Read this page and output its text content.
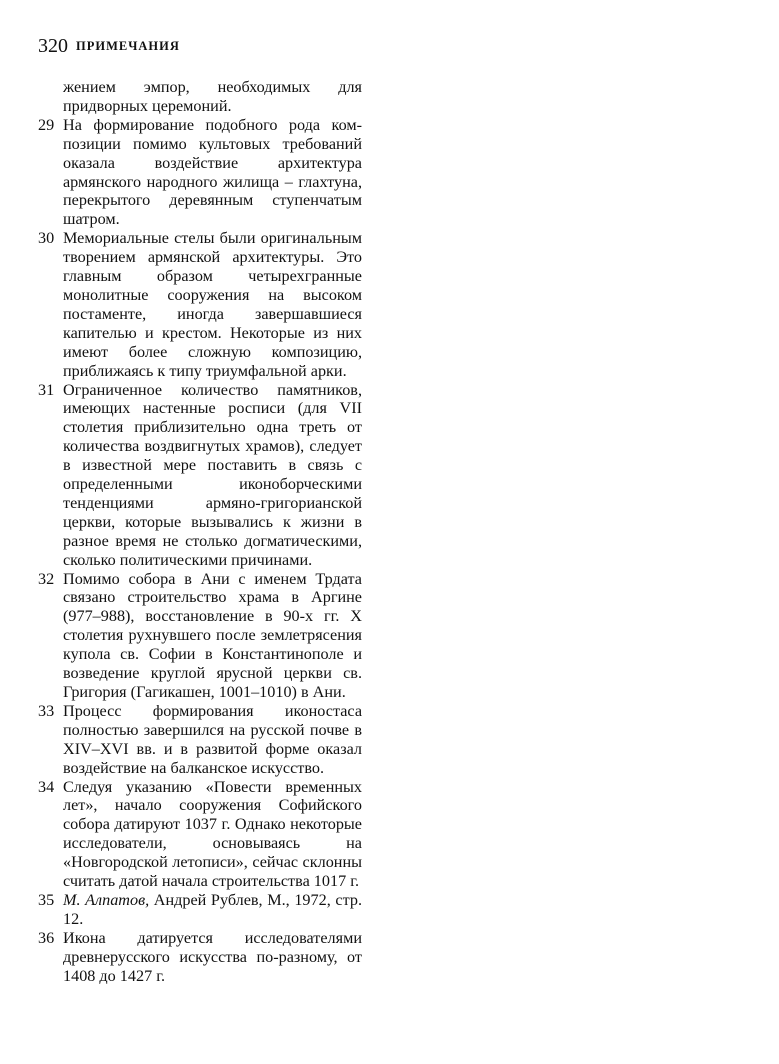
320 ПРИМЕЧАНИЯ
жением эмпор, необходимых для придворных церемоний.
29 На формирование подобного рода композиции помимо культовых требований оказала воздействие архитектура армянского народного жилища – глахтуна, перекрытого деревянным ступенчатым шатром.
30 Мемориальные стелы были оригинальным творением армянской архитектуры. Это главным образом четырехгранные монолитные сооружения на высоком постаменте, иногда завершавшиеся капителью и крестом. Некоторые из них имеют более сложную композицию, приближаясь к типу триумфальной арки.
31 Ограниченное количество памятников, имеющих настенные росписи (для VII столетия приблизительно одна треть от количества воздвигнутых храмов), следует в известной мере поставить в связь с определенными иконоборческими тенденциями армяно-григорианской церкви, которые вызывались к жизни в разное время не столько догматическими, сколько политическими причинами.
32 Помимо собора в Ани с именем Трдата связано строительство храма в Аргине (977–988), восстановление в 90-х гг. X столетия рухнувшего после землетрясения купола св. Софии в Константинополе и возведение круглой ярусной церкви св. Григория (Гагикашен, 1001–1010) в Ани.
33 Процесс формирования иконостаса полностью завершился на русской почве в XIV–XVI вв. и в развитой форме оказал воздействие на балканское искусство.
34 Следуя указанию «Повести временных лет», начало сооружения Софийского собора датируют 1037 г. Однако некоторые исследователи, основываясь на «Новгородской летописи», сейчас склонны считать датой начала строительства 1017 г.
35 М. Алпатов, Андрей Рублев, М., 1972, стр. 12.
36 Икона датируется исследователями древнерусского искусства по-разному, от 1408 до 1427 г.
